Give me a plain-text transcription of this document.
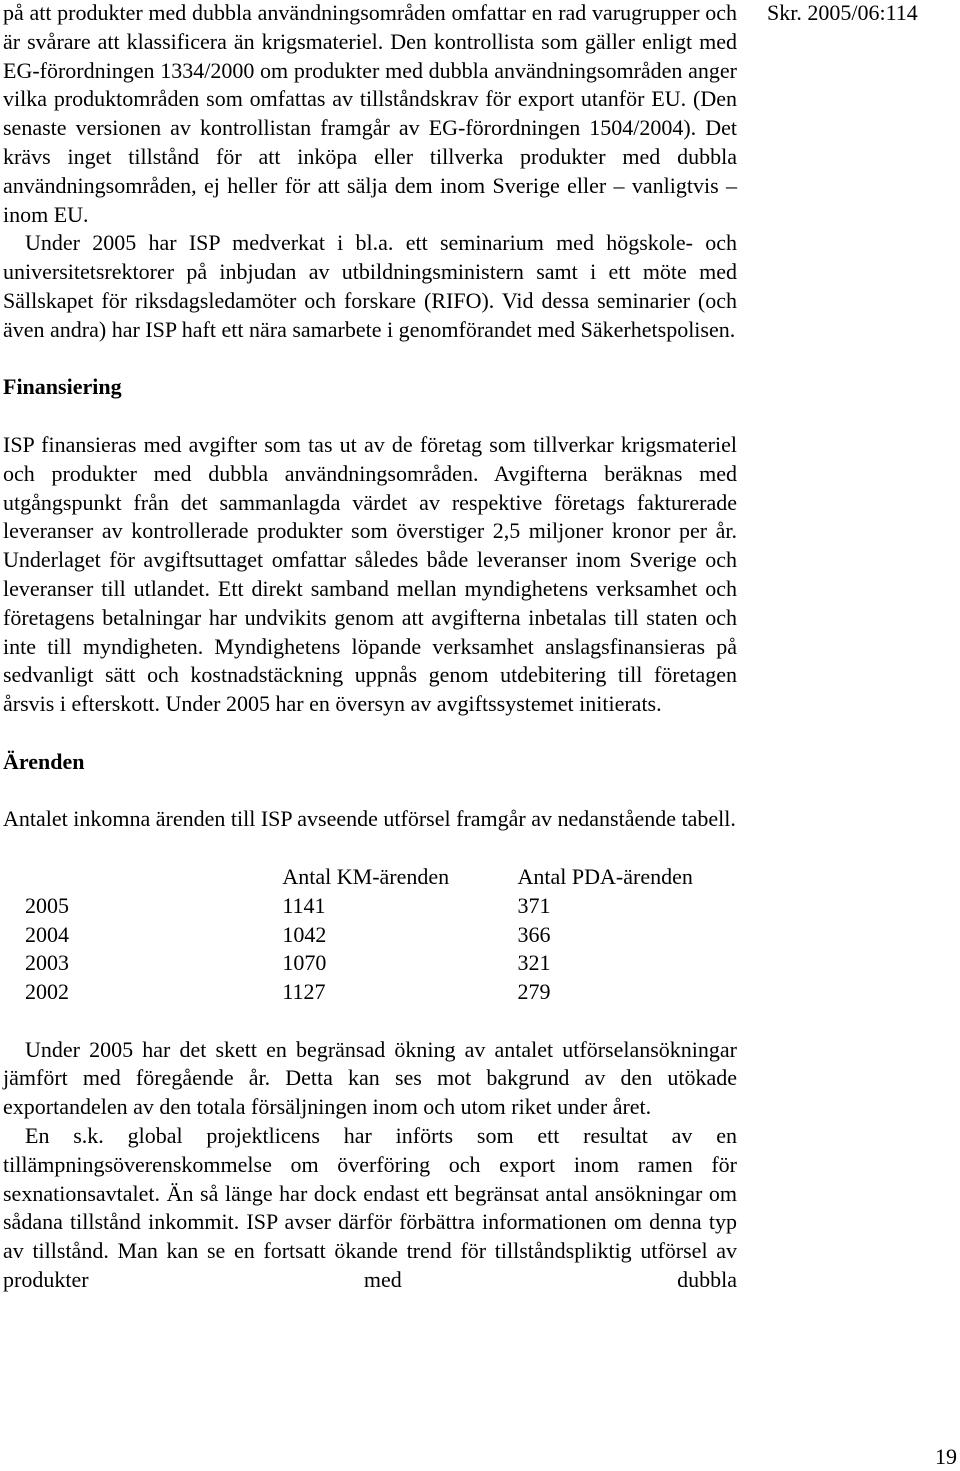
Skr. 2005/06:114

på att produkter med dubbla användningsområden omfattar en rad varugrupper och är svårare att klassificera än krigsmateriel. Den kontrollista som gäller enligt med EG-förordningen 1334/2000 om produkter med dubbla användningsområden anger vilka produktområden som omfattas av tillståndskrav för export utanför EU. (Den senaste versionen av kontrollistan framgår av EG-förordningen 1504/2004). Det krävs inget tillstånd för att inköpa eller tillverka produkter med dubbla användningsområden, ej heller för att sälja dem inom Sverige eller – vanligtvis – inom EU.

Under 2005 har ISP medverkat i bl.a. ett seminarium med högskole- och universitetsrektorer på inbjudan av utbildningsministern samt i ett möte med Sällskapet för riksdagsledamöter och forskare (RIFO). Vid dessa seminarier (och även andra) har ISP haft ett nära samarbete i genomförandet med Säkerhetspolisen.

Finansiering

ISP finansieras med avgifter som tas ut av de företag som tillverkar krigsmateriel och produkter med dubbla användningsområden. Avgifterna beräknas med utgångspunkt från det sammanlagda värdet av respektive företags fakturerade leveranser av kontrollerade produkter som överstiger 2,5 miljoner kronor per år. Underlaget för avgiftsuttaget omfattar således både leveranser inom Sverige och leveranser till utlandet. Ett direkt samband mellan myndighetens verksamhet och företagens betalningar har undvikits genom att avgifterna inbetalas till staten och inte till myndigheten. Myndighetens löpande verksamhet anslagsfinansieras på sedvanligt sätt och kostnadstäckning uppnås genom utdebitering till företagen årsvis i efterskott. Under 2005 har en översyn av avgiftssystemet initierats.

Ärenden

Antalet inkomna ärenden till ISP avseende utförsel framgår av nedanstående tabell.

	Antal KM-ärenden	Antal PDA-ärenden
2005	1141	371
2004	1042	366
2003	1070	321
2002	1127	279

Under 2005 har det skett en begränsad ökning av antalet utförselansökningar jämfört med föregående år. Detta kan ses mot bakgrund av den utökade exportandelen av den totala försäljningen inom och utom riket under året.

En s.k. global projektlicens har införts som ett resultat av en tillämpningsöverenskommelse om överföring och export inom ramen för sexnationsavtalet. Än så länge har dock endast ett begränsat antal ansökningar om sådana tillstånd inkommit. ISP avser därför förbättra informationen om denna typ av tillstånd. Man kan se en fortsatt ökande trend för tillståndspliktig utförsel av produkter med dubbla

19
